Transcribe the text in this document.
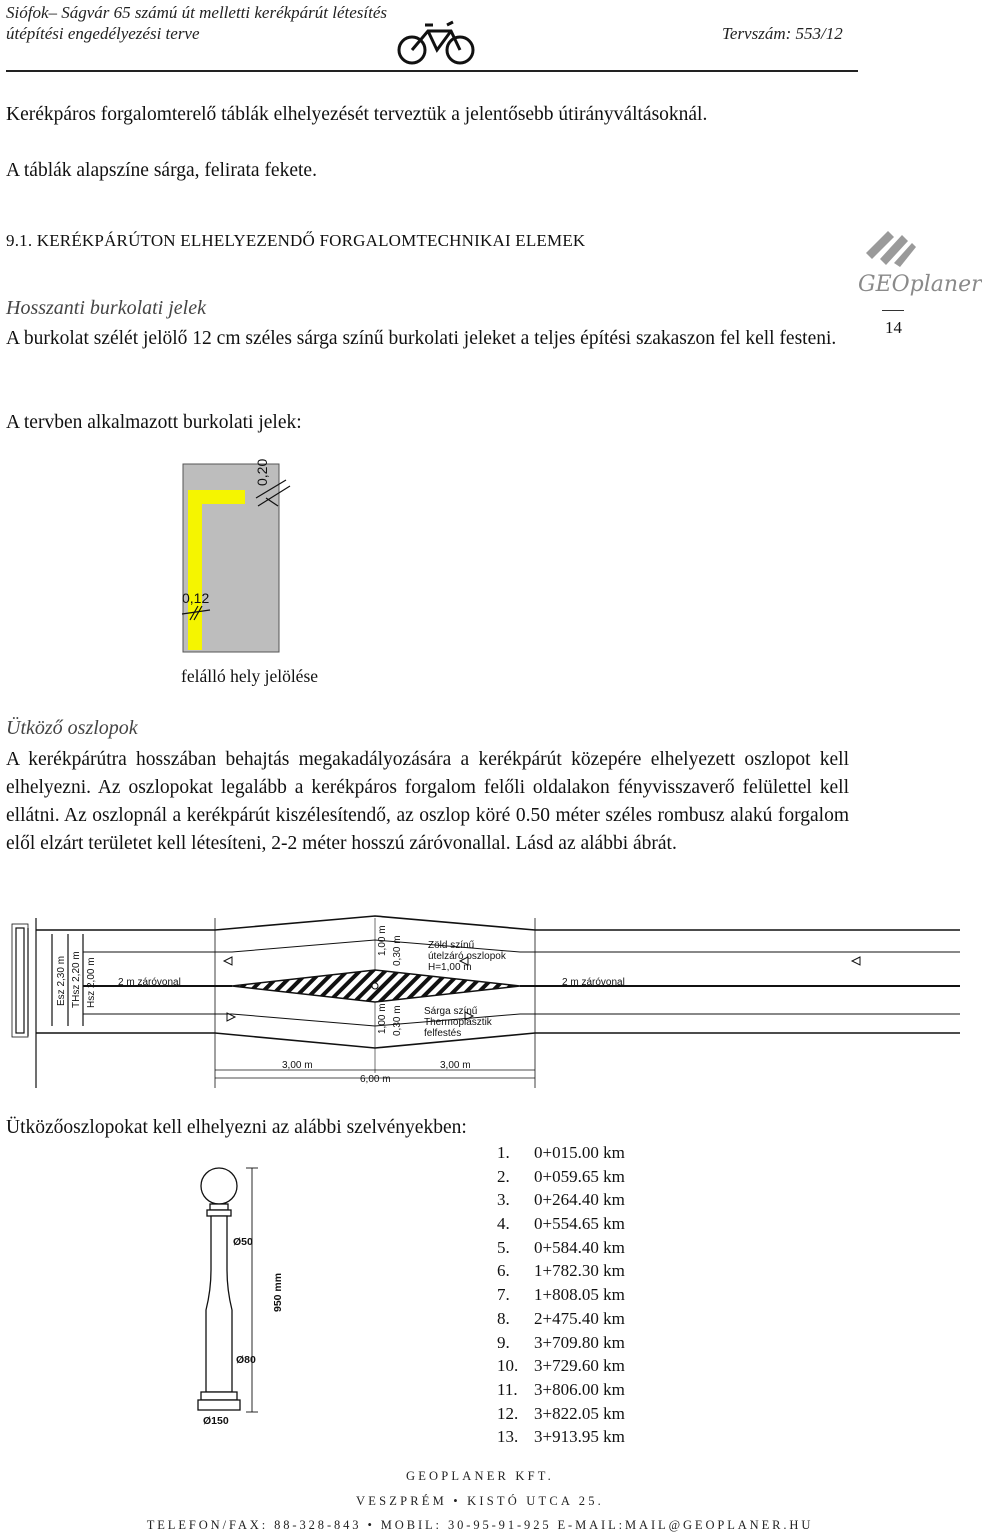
Siófok– Ságvár 65 számú út melletti kerékpárút létesítés
útépítési engedélyezési terve	Tervszám: 553/12
GEOplaner
14
Kerékpáros forgalomterelő táblák elhelyezését terveztük a jelentősebb útirányváltásoknál.
A táblák alapszíne sárga, felirata fekete.
9.1. KERÉKPÁRÚTON ELHELYEZENDŐ FORGALOMTECHNIKAI ELEMEK
Hosszanti burkolati jelek
A burkolat szélét jelölő 12 cm széles sárga színű burkolati jeleket a teljes építési szakaszon fel kell festeni.
A tervben alkalmazott burkolati jelek:
0,20
0,12
felálló hely jelölése
Ütköző oszlopok
A kerékpárútra hosszában behajtás megakadályozására a kerékpárút közepére elhelyezett oszlopot kell elhelyezni. Az oszlopokat legalább a kerékpáros forgalom felőli oldalakon fényvisszaverő felülettel kell ellátni. Az oszlopnál a kerékpárút kiszélesítendő, az oszlop köré 0.50 méter széles rombusz alakú forgalom elől elzárt területet kell létesíteni, 2-2 méter hosszú záróvonallal. Lásd az alábbi ábrát.
Esz 2,30 m THsz 2,20 m Hsz 2,00 m 2 m záróvonal	2 m záróvonal
1,00 m 0,30 m
1,00 m 0,30 m
Zöld színű
útelzáró oszlopok
H=1,00 m
Sárga színű
Thermoplasztik
felfestés
3,00 m	3,00 m
6,00 m
Ütközőoszlopokat kell elhelyezni az alábbi szelvényekben:
1.	0+015.00 km
2.	0+059.65 km
3.	0+264.40 km
4.	0+554.65 km
5.	0+584.40 km
6.	1+782.30 km
7.	1+808.05 km
8.	2+475.40 km
9.	3+709.80 km
10. 3+729.60 km
11. 3+806.00 km
12. 3+822.05 km
13. 3+913.95 km
Ø50
950 mm
Ø80
Ø150
GEOPLANER KFT.
VESZPRÉM • KISTÓ UTCA 25.
TELEFON/FAX: 88-328-843 • MOBIL: 30-95-91-925 E-MAIL:MAIL@GEOPLANER.HU
